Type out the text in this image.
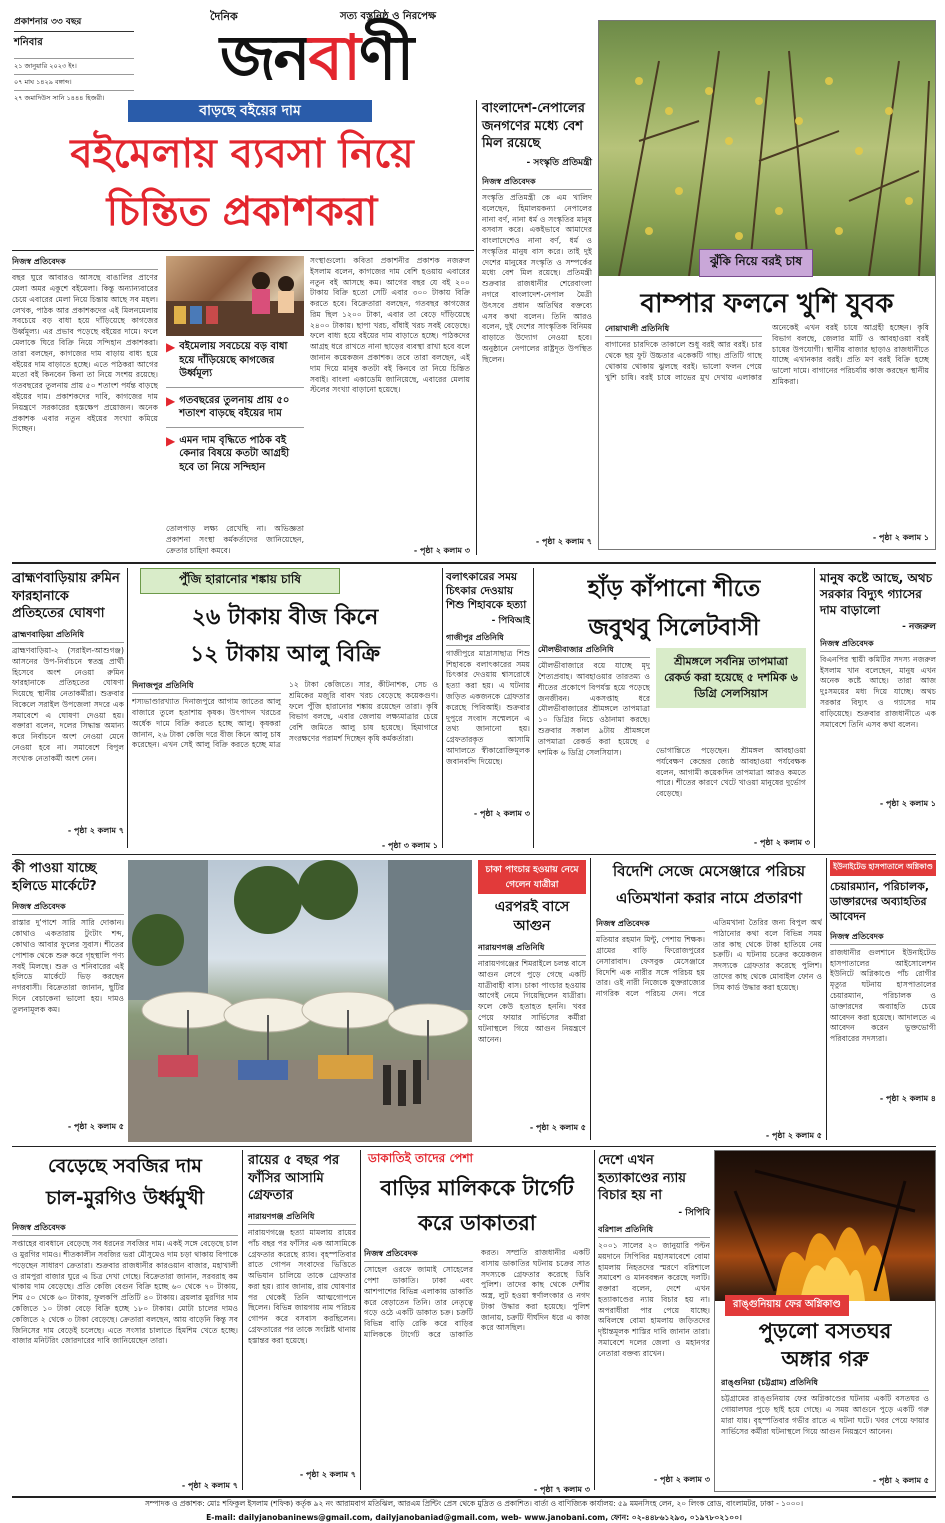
প্রকাশনার ৩৩ বছর
শনিবার
২১ জানুয়ারি ২০২৩ ইং।
০৭ মাঘ ১৪২৯ বঙ্গাব্দ।
২৭ জমাদিউস সানি ১৪৪৪ হিজরী।
দৈনিক	সত্য বস্তুনিষ্ঠ ও নিরপেক্ষ
জনবাণী
ঝুঁকি নিয়ে বরই চাষ
বাম্পার ফলনে খুশি যুবক
নোয়াখালী প্রতিনিধি
বাগানের চারদিকে তাকালে শুধু বরই আর বরই। চার থেকে ছয় ফুট উচ্চতার একেকটি গাছ। প্রতিটি গাছে থোকায় থোকায় ঝুলছে বরই। ভালো ফলন পেয়ে খুশি চাষি। বরই চাষে লাভের মুখ দেখায় এলাকার অনেকেই এখন বরই চাষে আগ্রহী হচ্ছেন। কৃষি বিভাগ বলছে, জেলার মাটি ও আবহাওয়া বরই চাষের উপযোগী। স্থানীয় বাজার ছাড়াও রাজধানীতে যাচ্ছে এখানকার বরই। প্রতি মণ বরই বিক্রি হচ্ছে ভালো দামে। বাগানের পরিচর্যায় কাজ করছেন স্থানীয় শ্রমিকরা।
- পৃষ্ঠা ২ কলাম ১
বাড়ছে বইয়ের দাম
বইমেলায় ব্যবসা নিয়ে
চিন্তিত প্রকাশকরা
নিজস্ব প্রতিবেদক
বছর ঘুরে আবারও আসছে বাঙালির প্রাণের মেলা অমর একুশে বইমেলা। কিন্তু অন্যান্যবারের চেয়ে এবারের মেলা নিয়ে চিন্তায় আছে সব মহল। লেখক, পাঠক আর প্রকাশকদের এই মিলনমেলায় সবচেয়ে বড় বাধা হয়ে দাঁড়িয়েছে কাগজের উর্ধ্বমূল্য। এর প্রভাব পড়েছে বইয়ের দামে। ফলে মেলাকে ঘিরে বিক্রি নিয়ে সন্দিহান প্রকাশকরা। তারা বলছেন, কাগজের দাম বাড়ায় বাধ্য হয়ে বইয়ের দাম বাড়াতে হচ্ছে। এতে পাঠকরা আগের মতো বই কিনবেন কিনা তা নিয়ে সংশয় রয়েছে। গতবছরের তুলনায় প্রায় ৫০ শতাংশ পর্যন্ত বাড়ছে বইয়ের দাম। প্রকাশকদের দাবি, কাগজের দাম নিয়ন্ত্রণে সরকারের হস্তক্ষেপ প্রয়োজন। অনেক প্রকাশক এবার নতুন বইয়ের সংখ্যা কমিয়ে দিচ্ছেন।
▶ বইমেলায় সবচেয়ে বড় বাধা হয়ে দাঁড়িয়েছে কাগজের উর্ধ্বমূল্য
▶ গতবছরের তুলনায় প্রায় ৫০ শতাংশ বাড়ছে বইয়ের দাম
▶ এমন দাম বৃদ্ধিতে পাঠক বই কেনার বিষয়ে কতটা আগ্রহী হবে তা নিয়ে সন্দিহান
তোলপাড় লক্ষ্য রেখেছি না। অভিজ্ঞতা প্রকাশনা সংস্থা কর্মকর্তাদের জানিয়েছেন, ক্রেতার চাহিদা কমবে।
সংস্থাগুলো। কবিতা প্রকাশনীর প্রকাশক নজরুল ইসলাম বলেন, কাগজের দাম বেশি হওয়ায় এবারের নতুন বই আসছে কম। আগের বছর যে বই ২০০ টাকায় বিক্রি হতো সেটি এবার ৩০০ টাকায় বিক্রি করতে হবে। বিক্রেতারা বলছেন, গতবছর কাগজের রিম ছিল ১২০০ টাকা, এবার তা বেড়ে দাঁড়িয়েছে ২৪০০ টাকায়। ছাপা খরচ, বাঁধাই খরচ সবই বেড়েছে। ফলে বাধ্য হয়ে বইয়ের দাম বাড়াতে হচ্ছে। পাঠকদের আগ্রহ ধরে রাখতে নানা ছাড়ের ব্যবস্থা রাখা হবে বলে জানান কয়েকজন প্রকাশক। তবে তারা বলছেন, এই দাম দিয়ে মানুষ কতটা বই কিনবে তা নিয়ে চিন্তিত সবাই। বাংলা একাডেমি জানিয়েছে, এবারের মেলায় স্টলের সংখ্যা বাড়ানো হয়েছে।
- পৃষ্ঠা ২ কলাম ৩
বাংলাদেশ-নেপালের জনগণের মধ্যে বেশ মিল রয়েছে
- সংস্কৃতি প্রতিমন্ত্রী
নিজস্ব প্রতিবেদক
সংস্কৃতি প্রতিমন্ত্রী কে এম খালিদ বলেছেন, হিমালয়কন্যা নেপালের নানা বর্ণ, নানা ধর্ম ও সংস্কৃতির মানুষ বসবাস করে। একইভাবে আমাদের বাংলাদেশেও নানা বর্ণ, ধর্ম ও সংস্কৃতির মানুষ বাস করে। তাই দুই দেশের মানুষের সংস্কৃতি ও সম্পর্কের মধ্যে বেশ মিল রয়েছে। প্রতিমন্ত্রী শুক্রবার রাজধানীর শেরেবাংলা নগরে বাংলাদেশ-নেপাল মৈত্রী উৎসবে প্রধান অতিথির বক্তব্যে এসব কথা বলেন। তিনি আরও বলেন, দুই দেশের সাংস্কৃতিক বিনিময় বাড়াতে উদ্যোগ নেওয়া হবে। অনুষ্ঠানে নেপালের রাষ্ট্রদূত উপস্থিত ছিলেন।
- পৃষ্ঠা ২ কলাম ৭
ব্রাহ্মণবাড়িয়ায় রুমিন ফারহানাকে প্রতিহতের ঘোষণা
ব্রাহ্মণবাড়িয়া প্রতিনিধি
ব্রাহ্মণবাড়িয়া-২ (সরাইল-আশুগঞ্জ) আসনের উপ-নির্বাচনে স্বতন্ত্র প্রার্থী হিসেবে অংশ নেওয়া রুমিন ফারহানাকে প্রতিহতের ঘোষণা দিয়েছে স্থানীয় নেতাকর্মীরা। শুক্রবার বিকেলে সরাইল উপজেলা সদরে এক সমাবেশে এ ঘোষণা দেওয়া হয়। বক্তারা বলেন, দলের সিদ্ধান্ত অমান্য করে নির্বাচনে অংশ নেওয়া মেনে নেওয়া হবে না। সমাবেশে বিপুল সংখ্যক নেতাকর্মী অংশ নেন।
- পৃষ্ঠা ২ কলাম ৭
পুঁজি হারানোর শঙ্কায় চাষি
২৬ টাকায় বীজ কিনে
১২ টাকায় আলু বিক্রি
দিনাজপুর প্রতিনিধি
শস্যভাণ্ডারখ্যাত দিনাজপুরে আগাম জাতের আলু বাজারে তুলে হতাশায় কৃষক। উৎপাদন খরচের অর্ধেক দামে বিক্রি করতে হচ্ছে আলু। কৃষকরা জানান, ২৬ টাকা কেজি দরে বীজ কিনে আলু চাষ করেছেন। এখন সেই আলু বিক্রি করতে হচ্ছে মাত্র ১২ টাকা কেজিতে। সার, কীটনাশক, সেচ ও শ্রমিকের মজুরি বাবদ খরচ বেড়েছে কয়েকগুণ। ফলে পুঁজি হারানোর শঙ্কায় রয়েছেন তারা। কৃষি বিভাগ বলছে, এবার জেলায় লক্ষ্যমাত্রার চেয়ে বেশি জমিতে আলু চাষ হয়েছে। হিমাগারে সংরক্ষণের পরামর্শ দিচ্ছেন কৃষি কর্মকর্তারা।
- পৃষ্ঠা ৩ কলাম ১
বলাৎকারের সময় চিৎকার দেওয়ায় শিশু শিহাবকে হত্যা
- পিবিআই
গাজীপুর প্রতিনিধি
গাজীপুরে মাদ্রাসাছাত্র শিশু শিহাবকে বলাৎকারের সময় চিৎকার দেওয়ায় শ্বাসরোধে হত্যা করা হয়। এ ঘটনায় জড়িত একজনকে গ্রেফতার করেছে পিবিআই। শুক্রবার দুপুরে সংবাদ সম্মেলনে এ তথ্য জানানো হয়। গ্রেফতারকৃত আসামি আদালতে স্বীকারোক্তিমূলক জবানবন্দি দিয়েছে।
- পৃষ্ঠা ২ কলাম ৩
হাঁড় কাঁপানো শীতে
জবুথবু সিলেটবাসী
মৌলভীবাজার প্রতিনিধি
মৌলভীবাজারে বয়ে যাচ্ছে মৃদু শৈত্যপ্রবাহ। আবহাওয়ার তারতম্য ও শীতের প্রকোপে বিপর্যস্ত হয়ে পড়েছে জনজীবন। একসপ্তাহ ধরে মৌলভীবাজারের শ্রীমঙ্গলে তাপমাত্রা ১০ ডিগ্রির নিচে ওঠানামা করছে। শুক্রবার সকাল ৯টায় শ্রীমঙ্গলে তাপমাত্রা রেকর্ড করা হয়েছে ৫ দশমিক ৬ ডিগ্রি সেলসিয়াস।
শ্রীমঙ্গলে সর্বনিম্ন তাপমাত্রা রেকর্ড করা হয়েছে ৫ দশমিক ৬ ডিগ্রি সেলসিয়াস
ভোগান্তিতে পড়েছেন। শ্রীমঙ্গল আবহাওয়া পর্যবেক্ষণ কেন্দ্রের জ্যেষ্ঠ আবহাওয়া পর্যবেক্ষক বলেন, আগামী কয়েকদিন তাপমাত্রা আরও কমতে পারে। শীতের কারণে খেটে খাওয়া মানুষের দুর্ভোগ বেড়েছে।
- পৃষ্ঠা ২ কলাম ৩
মানুষ কষ্টে আছে, অথচ সরকার বিদ্যুৎ গ্যাসের দাম বাড়ালো
- নজরুল
নিজস্ব প্রতিবেদক
বিএনপির স্থায়ী কমিটির সদস্য নজরুল ইসলাম খান বলেছেন, মানুষ এখন অনেক কষ্টে আছে। তারা আজ দুঃসময়ের মধ্য দিয়ে যাচ্ছে। অথচ সরকার বিদ্যুৎ ও গ্যাসের দাম বাড়িয়েছে। শুক্রবার রাজধানীতে এক সমাবেশে তিনি এসব কথা বলেন।
- পৃষ্ঠা ২ কলাম ১
কী পাওয়া যাচ্ছে হলিডে মার্কেটে?
নিজস্ব প্রতিবেদক
রাস্তার দু'পাশে সারি সারি দোকান। কোথাও একতারায় টুংটাং শব্দ, কোথাও আবার ফুলের সুবাস। শীতের পোশাক থেকে শুরু করে গৃহস্থালি পণ্য সবই মিলছে। শুক্র ও শনিবারের এই হলিডে মার্কেটে ভিড় করছেন নগরবাসী। বিক্রেতারা জানান, ছুটির দিনে বেচাকেনা ভালো হয়। দামও তুলনামূলক কম।
- পৃষ্ঠা ২ কলাম ৫
চাকা পাংচার হওয়ায় নেমে গেলেন যাত্রীরা
এরপরই বাসে আগুন
নারায়ণগঞ্জ প্রতিনিধি
নারায়ণগঞ্জের শিমরাইলে চলন্ত বাসে আগুন লেগে পুড়ে গেছে একটি যাত্রীবাহী বাস। চাকা পাংচার হওয়ায় আগেই নেমে গিয়েছিলেন যাত্রীরা। ফলে কেউ হতাহত হননি। খবর পেয়ে ফায়ার সার্ভিসের কর্মীরা ঘটনাস্থলে গিয়ে আগুন নিয়ন্ত্রণে আনেন।
- পৃষ্ঠা ২ কলাম ৫
বিদেশি সেজে মেসেঞ্জারে পরিচয়
এতিমখানা করার নামে প্রতারণা
নিজস্ব প্রতিবেদক
মতিয়ার রহমান মিন্টু, পেশায় শিক্ষক। গ্রামের বাড়ি ফিরোজপুরের নেসারাবাদ। ফেসবুক মেসেঞ্জারে বিদেশি এক নারীর সঙ্গে পরিচয় হয় তার। ওই নারী নিজেকে যুক্তরাজ্যের নাগরিক বলে পরিচয় দেন। পরে এতিমখানা তৈরির জন্য বিপুল অর্থ পাঠানোর কথা বলে বিভিন্ন সময় তার কাছ থেকে টাকা হাতিয়ে নেয় চক্রটি। এ ঘটনায় চক্রের কয়েকজন সদস্যকে গ্রেফতার করেছে পুলিশ। তাদের কাছ থেকে মোবাইল ফোন ও সিম কার্ড উদ্ধার করা হয়েছে।
- পৃষ্ঠা ২ কলাম ৫
ইউনাইটেড হাসপাতালে অগ্নিকাণ্ড
চেয়ারম্যান, পরিচালক, ডাক্তারদের অব্যাহতির আবেদন
নিজস্ব প্রতিবেদক
রাজধানীর গুলশানে ইউনাইটেড হাসপাতালের আইসোলেশন ইউনিটে অগ্নিকাণ্ডে পাঁচ রোগীর মৃত্যুর ঘটনায় হাসপাতালের চেয়ারম্যান, পরিচালক ও ডাক্তারদের অব্যাহতি চেয়ে আবেদন করা হয়েছে। আদালতে এ আবেদন করেন ভুক্তভোগী পরিবারের সদস্যরা।
- পৃষ্ঠা ২ কলাম ৪
বেড়েছে সবজির দাম
চাল-মুরগিও উর্ধ্বমুখী
নিজস্ব প্রতিবেদক
সপ্তাহের ব্যবধানে বেড়েছে সব ধরনের সবজির দাম। একই সঙ্গে বেড়েছে চাল ও মুরগির দামও। শীতকালীন সবজির ভরা মৌসুমেও দাম চড়া থাকায় বিপাকে পড়েছেন সাধারণ ক্রেতারা। শুক্রবার রাজধানীর কারওয়ান বাজার, মহাখালী ও রামপুরা বাজার ঘুরে এ চিত্র দেখা গেছে। বিক্রেতারা জানান, সরবরাহ কম থাকায় দাম বেড়েছে। প্রতি কেজি বেগুন বিক্রি হচ্ছে ৬০ থেকে ৭০ টাকায়, শিম ৫০ থেকে ৬০ টাকায়, ফুলকপি প্রতিটি ৪০ টাকায়। ব্রয়লার মুরগির দাম কেজিতে ১০ টাকা বেড়ে বিক্রি হচ্ছে ১৮০ টাকায়। মোটা চালের দামও কেজিতে ২ থেকে ৩ টাকা বেড়েছে। ক্রেতারা বলছেন, আয় বাড়েনি কিন্তু সব জিনিসের দাম বেড়েই চলেছে। এতে সংসার চালাতে হিমশিম খেতে হচ্ছে। বাজার মনিটরিং জোরদারের দাবি জানিয়েছেন তারা।
- পৃষ্ঠা ২ কলাম ৭
রায়ের ৫ বছর পর ফাঁসির আসামি গ্রেফতার
নারায়ণগঞ্জ প্রতিনিধি
নারায়ণগঞ্জে হত্যা মামলায় রায়ের পাঁচ বছর পর ফাঁসির এক আসামিকে গ্রেফতার করেছে র‌্যাব। বৃহস্পতিবার রাতে গোপন সংবাদের ভিত্তিতে অভিযান চালিয়ে তাকে গ্রেফতার করা হয়। র‌্যাব জানায়, রায় ঘোষণার পর থেকেই তিনি আত্মগোপনে ছিলেন। বিভিন্ন জায়গায় নাম পরিচয় গোপন করে বসবাস করছিলেন। গ্রেফতারের পর তাকে সংশ্লিষ্ট থানায় হস্তান্তর করা হয়েছে।
- পৃষ্ঠা ২ কলাম ৭
ডাকাতিই তাদের পেশা
বাড়ির মালিককে টার্গেট
করে ডাকাতরা
নিজস্ব প্রতিবেদক
সোহেল ওরফে জামাই সোহেলের পেশা ডাকাতি। ঢাকা এবং আশপাশের বিভিন্ন এলাকায় ডাকাতি করে বেড়াতেন তিনি। তার নেতৃত্বে গড়ে ওঠে একটি ডাকাত চক্র। চক্রটি বিভিন্ন বাড়ি রেকি করে বাড়ির মালিককে টার্গেট করে ডাকাতি করত। সম্প্রতি রাজধানীর একটি বাসায় ডাকাতির ঘটনায় চক্রের সাত সদস্যকে গ্রেফতার করেছে ডিবি পুলিশ। তাদের কাছ থেকে দেশীয় অস্ত্র, লুট হওয়া স্বর্ণালংকার ও নগদ টাকা উদ্ধার করা হয়েছে। পুলিশ জানায়, চক্রটি দীর্ঘদিন ধরে এ কাজ করে আসছিল।
- পৃষ্ঠা ৭ কলাম ৩
দেশে এখন হত্যাকাণ্ডের ন্যায় বিচার হয় না
- সিপিবি
বরিশাল প্রতিনিধি
২০০১ সালের ২০ জানুয়ারি পল্টন ময়দানে সিপিবির মহাসমাবেশে বোমা হামলায় নিহতদের স্মরণে বরিশালে সমাবেশ ও মানববন্ধন করেছে দলটি। বক্তারা বলেন, দেশে এখন হত্যাকাণ্ডের ন্যায় বিচার হয় না। অপরাধীরা পার পেয়ে যাচ্ছে। অবিলম্বে বোমা হামলায় জড়িতদের দৃষ্টান্তমূলক শাস্তির দাবি জানান তারা। সমাবেশে দলের জেলা ও মহানগর নেতারা বক্তব্য রাখেন।
- পৃষ্ঠা ২ কলাম ৩
রাঙ্গুনিয়ায় ফের অগ্নিকাণ্ড
পুড়লো বসতঘর
অঙ্গার গরু
রাঙ্গুনিয়া (চট্টগ্রাম) প্রতিনিধি
চট্টগ্রামের রাঙ্গুনিয়ায় ফের অগ্নিকাণ্ডের ঘটনায় একটি বসতঘর ও গোয়ালঘর পুড়ে ছাই হয়ে গেছে। এ সময় আগুনে পুড়ে একটি গরু মারা যায়। বৃহস্পতিবার গভীর রাতে এ ঘটনা ঘটে। খবর পেয়ে ফায়ার সার্ভিসের কর্মীরা ঘটনাস্থলে গিয়ে আগুন নিয়ন্ত্রণে আনেন।
- পৃষ্ঠা ২ কলাম ৫
সম্পাদক ও প্রকাশক: মোঃ শফিকুল ইসলাম (শফিক) কর্তৃক ৯২ নং আরামবাগ মতিঝিল, আরএম প্রিন্টিং প্রেস থেকে মুদ্রিত ও প্রকাশিত। বার্তা ও বাণিজ্যিক কার্যালয়: ৫৯ মমনসিংহ লেন, ২০ লিংক রোড, বাংলামটর, ঢাকা - ১০০০।
E-mail: dailyjanobaninews@gmail.com, dailyjanobaniad@gmail.com, web- www.janobani.com, ফোন: ০২-৪৪৮৬১২৯৩, ০১৯৭৮০২১০০।
